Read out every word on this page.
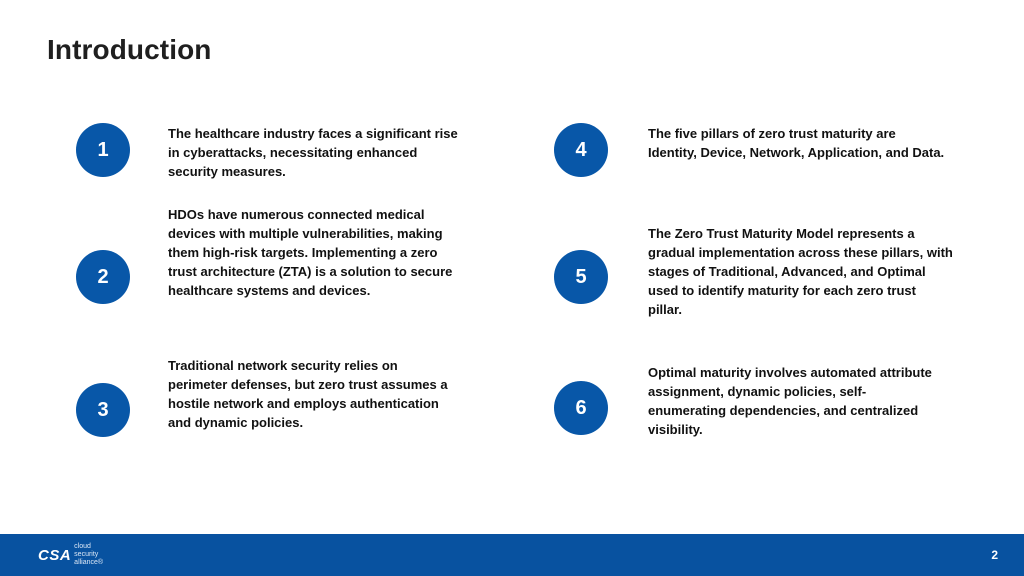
Introduction
1
The healthcare industry faces a significant rise in cyberattacks, necessitating enhanced security measures.
2
HDOs have numerous connected medical devices with multiple vulnerabilities, making them high-risk targets. Implementing a zero trust architecture (ZTA) is a solution to secure healthcare systems and devices.
3
Traditional network security relies on perimeter defenses, but zero trust assumes a hostile network and employs authentication and dynamic policies.
4
The five pillars of zero trust maturity are Identity, Device, Network, Application, and Data.
5
The Zero Trust Maturity Model represents a gradual implementation across these pillars, with stages of Traditional, Advanced, and Optimal used to identify maturity for each zero trust pillar.
6
Optimal maturity involves automated attribute assignment, dynamic policies, self-enumerating dependencies, and centralized visibility.
CSA cloud
security
alliance®
2
